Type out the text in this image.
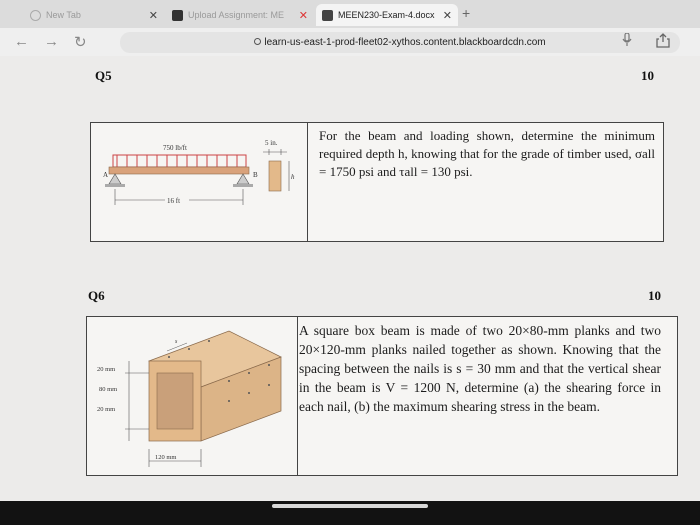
New Tab	✕	Upload Assignment: ME ✕	MEEN230-Exam-4.docx ✕ +
← → ↻	learn-us-east-1-prod-fleet02-xythos.content.blackboardcdn.com
Q5	10
750 lb/ft
A	B
16 ft
5 in.
h
For the beam and loading shown, determine the minimum required depth h, knowing that for the grade of timber used, σall = 1750 psi and τall = 130 psi.
Q6	10
s
20 mm
80 mm
20 mm
120 mm
A square box beam is made of two 20×80-mm planks and two 20×120-mm planks nailed together as shown. Knowing that the spacing between the nails is s = 30 mm and that the vertical shear in the beam is V = 1200 N, determine (a) the shearing force in each nail, (b) the maximum shearing stress in the beam.
